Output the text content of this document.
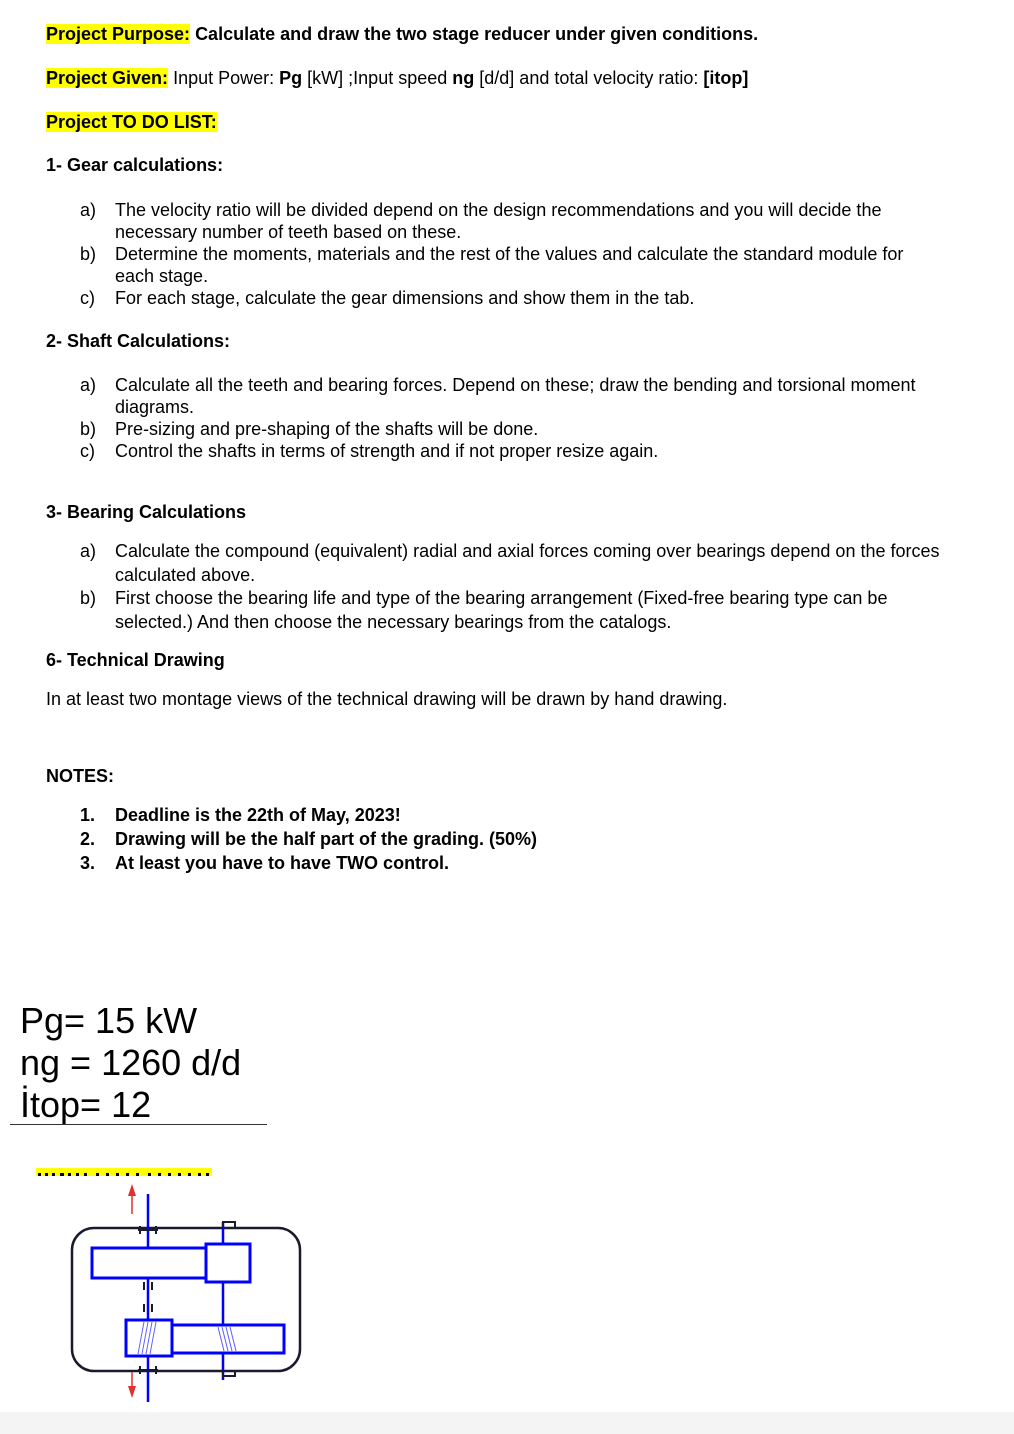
Project Purpose: Calculate and draw the two stage reducer under given conditions.
Project Given: Input Power: Pg [kW] ;Input speed ng [d/d] and total velocity ratio: [itop]
Project TO DO LIST:
1- Gear calculations:
a)	The velocity ratio will be divided depend on the design recommendations and you will decide the necessary number of teeth based on these.
b)	Determine the moments, materials and the rest of the values and calculate the standard module for each stage.
c)	For each stage, calculate the gear dimensions and show them in the tab.
2- Shaft Calculations:
a)	Calculate all the teeth and bearing forces. Depend on these; draw the bending and torsional moment diagrams.
b)	Pre-sizing and pre-shaping of the shafts will be done.
c)	Control the shafts in terms of strength and if not proper resize again.
3- Bearing Calculations
a)	Calculate the compound (equivalent) radial and axial forces coming over bearings depend on the forces calculated above.
b)	First choose the bearing life and type of the bearing arrangement (Fixed-free bearing type can be selected.) And then choose the necessary bearings from the catalogs.
6- Technical Drawing
In at least two montage views of the technical drawing will be drawn by hand drawing.
NOTES:
1.	Deadline is the 22th of May, 2023!
2.	Drawing will be the half part of the grading. (50%)
3.	At least you have to have TWO control.
Pg= 15 kW
ng = 1260 d/d
İtop= 12
